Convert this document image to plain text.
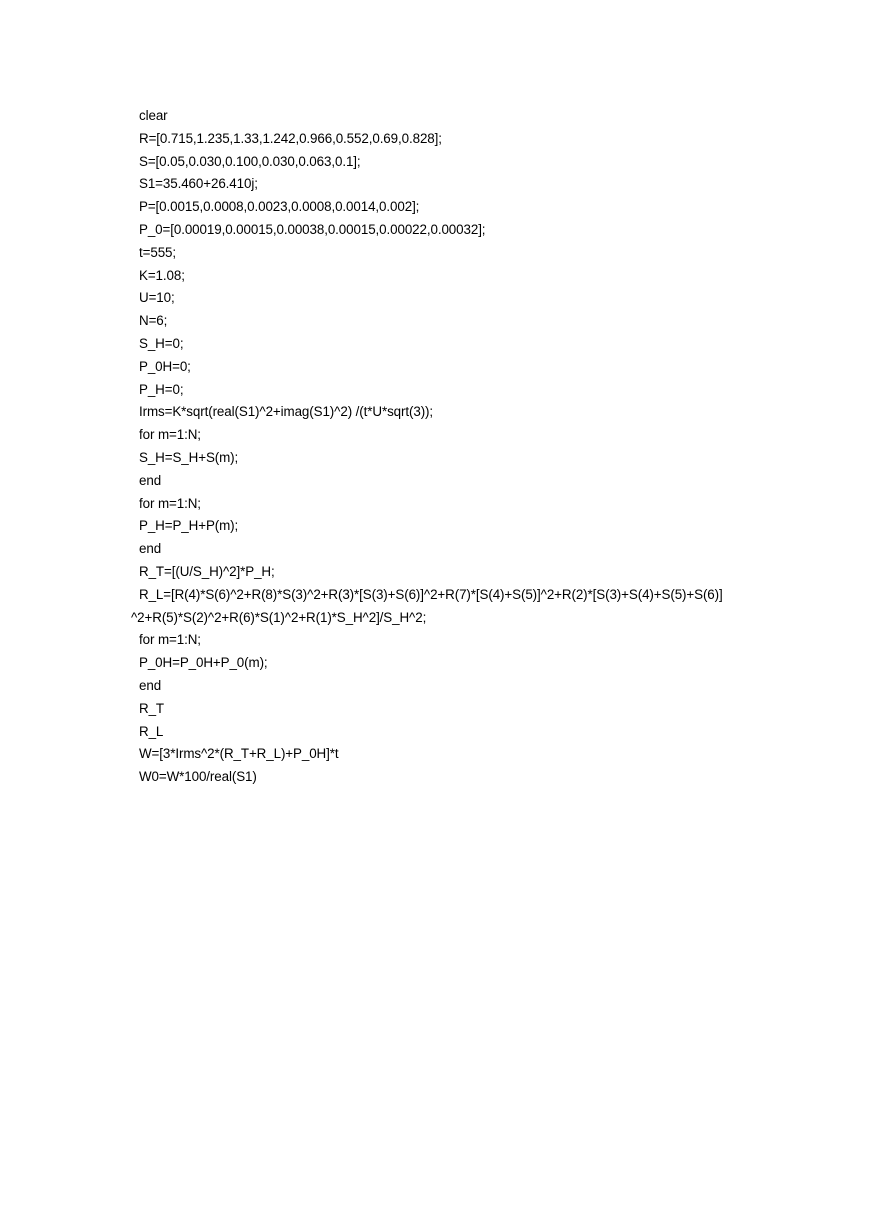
clear
R=[0.715,1.235,1.33,1.242,0.966,0.552,0.69,0.828];
S=[0.05,0.030,0.100,0.030,0.063,0.1];
S1=35.460+26.410j;
P=[0.0015,0.0008,0.0023,0.0008,0.0014,0.002];
P_0=[0.00019,0.00015,0.00038,0.00015,0.00022,0.00032];
t=555;
K=1.08;
U=10;
N=6;
S_H=0;
P_0H=0;
P_H=0;
Irms=K*sqrt(real(S1)^2+imag(S1)^2) /(t*U*sqrt(3));
for m=1:N;
S_H=S_H+S(m);
end
for m=1:N;
P_H=P_H+P(m);
end
R_T=[(U/S_H)^2]*P_H;
R_L=[R(4)*S(6)^2+R(8)*S(3)^2+R(3)*[S(3)+S(6)]^2+R(7)*[S(4)+S(5)]^2+R(2)*[S(3)+S(4)+S(5)+S(6)]
^2+R(5)*S(2)^2+R(6)*S(1)^2+R(1)*S_H^2]/S_H^2;
for m=1:N;
P_0H=P_0H+P_0(m);
end
R_T
R_L
W=[3*Irms^2*(R_T+R_L)+P_0H]*t
W0=W*100/real(S1)
